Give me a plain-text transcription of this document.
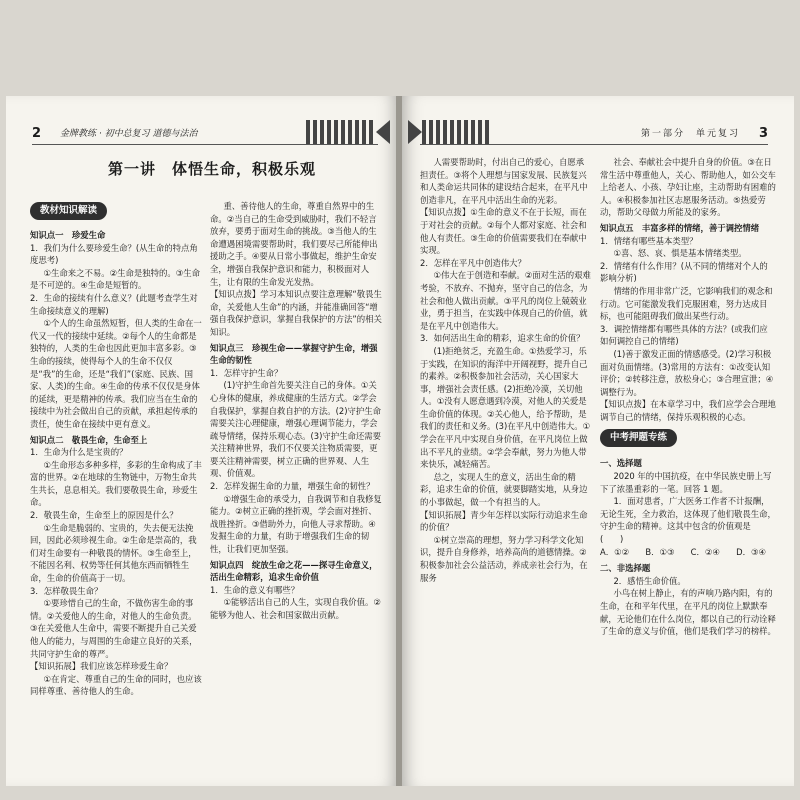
2 金牌教练 · 初中总复习 道德与法治
第一讲　体悟生命，积极乐观
教材知识解读
知识点一　珍爱生命
1．我们为什么要珍爱生命？(从生命的特点角度思考)
①生命来之不易。②生命是独特的。③生命是不可逆的。④生命是短暂的。
2．生命的接续有什么意义？(此题考查学生对生命接续意义的理解)
①个人的生命虽然短暂，但人类的生命在一代又一代的接续中延续。②每个人的生命都是独特的，人类的生命也因此更加丰富多彩。③生命的接续，使得每个人的生命不仅仅是“我”的生命，还是“我们”(家庭、民族、国家、人类)的生命。④生命的传承不仅仅是身体的延续，更是精神的传承。我们应当在生命的接续中为社会做出自己的贡献，承担起传承的责任，使生命在接续中更有意义。
知识点二　敬畏生命，生命至上
1．生命为什么是宝贵的？
①生命形态多种多样，多彩的生命构成了丰富的世界。②在地球的生物链中，万物生命共生共长，息息相关。我们要敬畏生命，珍爱生命。
2．敬畏生命，生命至上的原因是什么？
①生命是脆弱的、宝贵的，失去便无法挽回，因此必须珍视生命。②生命是崇高的，我们对生命要有一种敬畏的情怀。③生命至上，不能因名利、权势等任何其他东西而牺牲生命，生命的价值高于一切。
3．怎样敬畏生命？
①要珍惜自己的生命，不做伤害生命的事情。②关爱他人的生命，对他人的生命负责。③在关爱他人生命中，需要不断提升自己关爱他人的能力，与周围的生命建立良好的关系，共同守护生命的尊严。
【知识拓展】我们应该怎样珍爱生命？
①在肯定、尊重自己的生命的同时，也应该同样尊重、善待他人的生命。
重、善待他人的生命，尊重自然界中的生命。②当自己的生命受到威胁时，我们不轻言放弃，要勇于面对生命的挑战。③当他人的生命遭遇困境需要帮助时，我们要尽己所能伸出援助之手。④要从日常小事做起，维护生命安全，增强自我保护意识和能力，积极面对人生，让有限的生命发光发热。
【知识点拨】学习本知识点要注意理解“敬畏生命，关爱他人生命”的内涵，并能准确回答“增强自我保护意识，掌握自我保护的方法”的相关知识。
知识点三　珍视生命——掌握守护生命，增强生命的韧性
1．怎样守护生命？
(1)守护生命首先要关注自己的身体。①关心身体的健康，养成健康的生活方式。②学会自我保护，掌握自救自护的方法。(2)守护生命需要关注心理健康，增强心理调节能力，学会疏导情绪，保持乐观心态。(3)守护生命还需要关注精神世界，我们不仅要关注物质需要，更要关注精神需要，树立正确的世界观、人生观、价值观。
2．怎样发掘生命的力量，增强生命的韧性？
①增强生命的承受力，自我调节和自我修复能力。②树立正确的挫折观，学会面对挫折、战胜挫折。③借助外力，向他人寻求帮助。④发掘生命的力量，有助于增强我们生命的韧性，让我们更加坚强。
知识点四　绽放生命之花——探寻生命意义，活出生命精彩，追求生命价值
1．生命的意义有哪些？
①能够活出自己的人生，实现自我价值。②能够为他人、社会和国家做出贡献。
第一部分　单元复习 3
人需要帮助时，付出自己的爱心，自愿承担责任。③将个人理想与国家发展、民族复兴和人类命运共同体的建设结合起来，在平凡中创造非凡，在平凡中活出生命的光彩。
【知识点拨】①生命的意义不在于长短，而在于对社会的贡献。②每个人都对家庭、社会和他人有责任。③生命的价值需要我们在奉献中实现。
2．怎样在平凡中创造伟大？
①伟大在于创造和奉献。②面对生活的艰难考验，不放弃、不抛弃，坚守自己的信念，为社会和他人做出贡献。③平凡的岗位上兢兢业业，勇于担当，在实践中体现自己的价值，就是在平凡中创造伟大。
3．如何活出生命的精彩，追求生命的价值？
(1)拒绝贫乏，充盈生命。①热爱学习，乐于实践，在知识的海洋中开阔视野，提升自己的素养。②积极参加社会活动，关心国家大事，增强社会责任感。(2)拒绝冷漠，关切他人。①没有人愿意遇到冷漠，对他人的关爱是生命价值的体现。②关心他人，给予帮助，是我们的责任和义务。(3)在平凡中创造伟大。①学会在平凡中实现自身价值，在平凡岗位上做出不平凡的业绩。②学会奉献，努力为他人带来快乐，减轻痛苦。
总之，实现人生的意义，活出生命的精彩，追求生命的价值，就要脚踏实地，从身边的小事做起，做一个有担当的人。
【知识拓展】青少年怎样以实际行动追求生命的价值？
①树立崇高的理想，努力学习科学文化知识，提升自身修养，培养高尚的道德情操。②积极参加社会公益活动，养成亲社会行为，在服务
社会、奉献社会中提升自身的价值。③在日常生活中尊重他人，关心、帮助他人，如公交车上给老人、小孩、孕妇让座，主动帮助有困难的人。④积极参加社区志愿服务活动。⑤热爱劳动，帮助父母做力所能及的家务。
知识点五　丰富多样的情绪，善于调控情绪
1．情绪有哪些基本类型？
①喜、怒、哀、惧是基本情绪类型。
2．情绪有什么作用？(从不同的情绪对个人的影响分析)
情绪的作用非常广泛，它影响我们的观念和行动。它可能激发我们克服困难，努力达成目标，也可能阻碍我们做出某些行动。
3．调控情绪都有哪些具体的方法？(或我们应如何调控自己的情绪)
(1)善于激发正面的情感感受。(2)学习积极面对负面情绪。(3)常用的方法有：①改变认知评价；②转移注意，放松身心；③合理宣泄；④调整行为。
【知识点拨】在本章学习中，我们应学会合理地调节自己的情绪，保持乐观积极的心态。
中考押题专练
一、选择题
2020 年的中国抗疫，在中华民族史册上写下了浓墨重彩的一笔。回答 1 题。
1．面对患者，广大医务工作者不计报酬，无论生死，全力救治，这体现了他们敬畏生命，守护生命的精神。这其中包含的价值观是　(　　)
A．①② B．①③ C．②④ D．③④
二、非选择题
2．感悟生命价值。
小鸟在树上静止，有的声响乃路内阳，有的生命，在和平年代里，在平凡的岗位上默默奉献，无论他们在什么岗位，都以自己的行动诠释了生命的意义与价值，他们是我们学习的榜样。
